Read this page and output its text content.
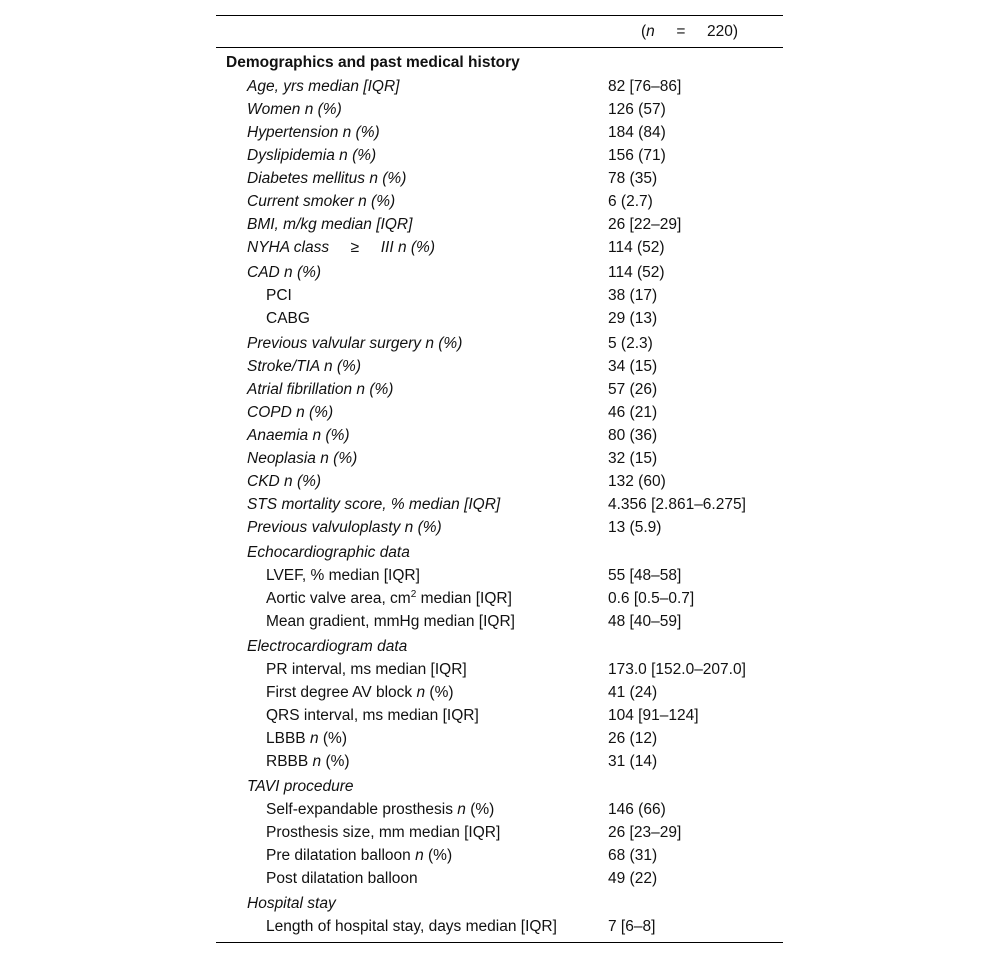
(n = 220)
Demographics and past medical history
Age, yrs median [IQR]	82 [76–86]
Women n (%)	126 (57)
Hypertension n (%)	184 (84)
Dyslipidemia n (%)	156 (71)
Diabetes mellitus n (%)	78 (35)
Current smoker n (%)	6 (2.7)
BMI, m/kg median [IQR]	26 [22–29]
NYHA class ≥ III n (%)	114 (52)
CAD n (%)	114 (52)
PCI	38 (17)
CABG	29 (13)
Previous valvular surgery n (%)	5 (2.3)
Stroke/TIA n (%)	34 (15)
Atrial fibrillation n (%)	57 (26)
COPD n (%)	46 (21)
Anaemia n (%)	80 (36)
Neoplasia n (%)	32 (15)
CKD n (%)	132 (60)
STS mortality score, % median [IQR]	4.356 [2.861–6.275]
Previous valvuloplasty n (%)	13 (5.9)
Echocardiographic data
LVEF, % median [IQR]	55 [48–58]
Aortic valve area, $cm^2$ median [IQR]	0.6 [0.5–0.7]
Mean gradient, mmHg median [IQR]	48 [40–59]
Electrocardiogram data
PR interval, ms median [IQR]	173.0 [152.0–207.0]
First degree AV block n (%)	41 (24)
QRS interval, ms median [IQR]	104 [91–124]
LBBB n (%)	26 (12)
RBBB n (%)	31 (14)
TAVI procedure
Self-expandable prosthesis n (%)	146 (66)
Prosthesis size, mm median [IQR]	26 [23–29]
Pre dilatation balloon n (%)	68 (31)
Post dilatation balloon	49 (22)
Hospital stay
Length of hospital stay, days median [IQR]	7 [6–8]
